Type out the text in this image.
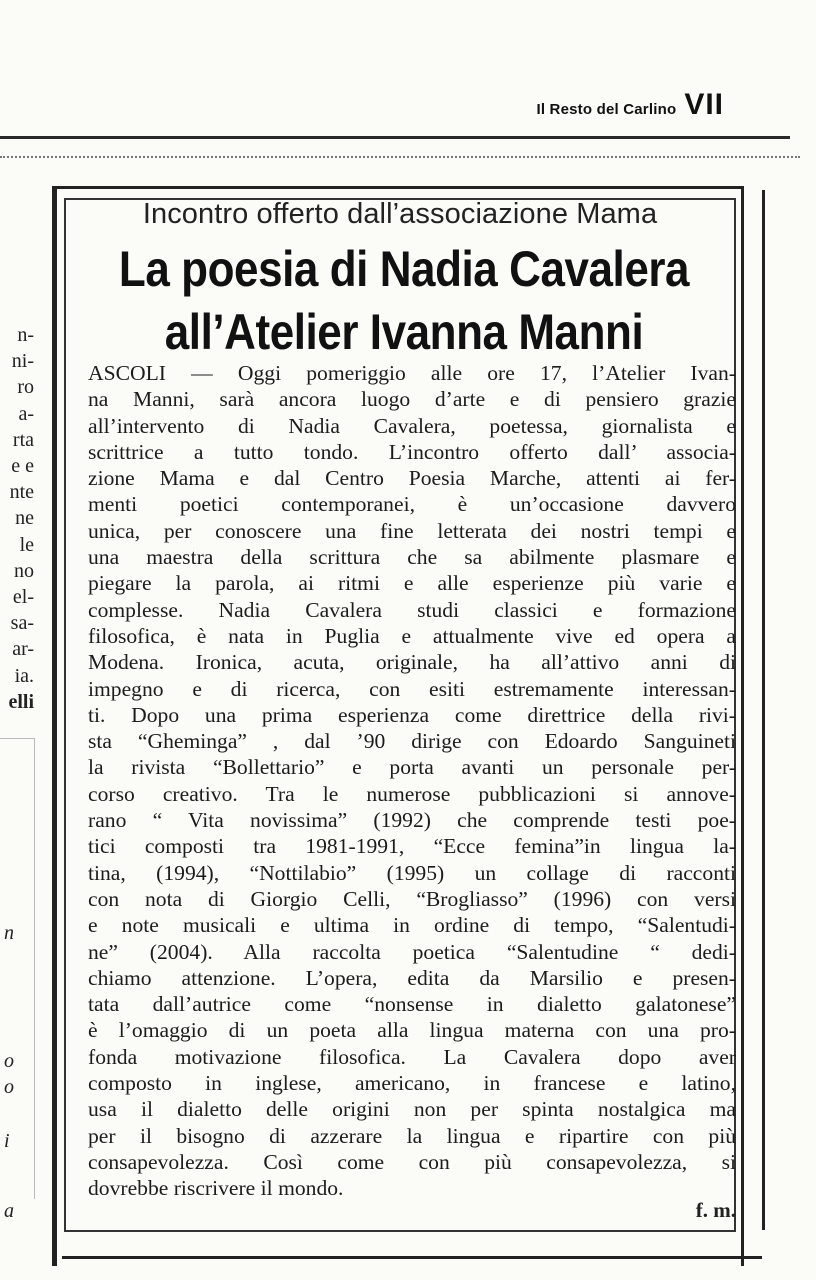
Il Resto del Carlino VII
n-
ni-
ro
a-
rta
e e
nte
ne
le
no
el-
sa-
ar-
ia.
elli
n
o
o
i
a
Incontro offerto dall’associazione Mama
La poesia di Nadia Cavalera
all’Atelier Ivanna Manni
ASCOLI — Oggi pomeriggio alle ore 17, l’Atelier Ivan-
na Manni, sarà ancora luogo d’arte e di pensiero grazie
all’intervento di Nadia Cavalera, poetessa, giornalista e
scrittrice a tutto tondo. L’incontro offerto dall’ associa-
zione Mama e dal Centro Poesia Marche, attenti ai fer-
menti poetici contemporanei, è un’occasione davvero
unica, per conoscere una fine letterata dei nostri tempi e
una maestra della scrittura che sa abilmente plasmare e
piegare la parola, ai ritmi e alle esperienze più varie e
complesse. Nadia Cavalera studi classici e formazione
filosofica, è nata in Puglia e attualmente vive ed opera a
Modena. Ironica, acuta, originale, ha all’attivo anni di
impegno e di ricerca, con esiti estremamente interessan-
ti. Dopo una prima esperienza come direttrice della rivi-
sta “Gheminga” , dal ’90 dirige con Edoardo Sanguineti
la rivista “Bollettario” e porta avanti un personale per-
corso creativo. Tra le numerose pubblicazioni si annove-
rano “ Vita novissima” (1992) che comprende testi poe-
tici composti tra 1981-1991, “Ecce femina”in lingua la-
tina, (1994), “Nottilabio” (1995) un collage di racconti
con nota di Giorgio Celli, “Brogliasso” (1996) con versi
e note musicali e ultima in ordine di tempo, “Salentudi-
ne” (2004). Alla raccolta poetica “Salentudine “ dedi-
chiamo attenzione. L’opera, edita da Marsilio e presen-
tata dall’autrice come “nonsense in dialetto galatonese”
è l’omaggio di un poeta alla lingua materna con una pro-
fonda motivazione filosofica. La Cavalera dopo aver
composto in inglese, americano, in francese e latino,
usa il dialetto delle origini non per spinta nostalgica ma
per il bisogno di azzerare la lingua e ripartire con più
consapevolezza. Così come con più consapevolezza, si
dovrebbe riscrivere il mondo.
f. m.
